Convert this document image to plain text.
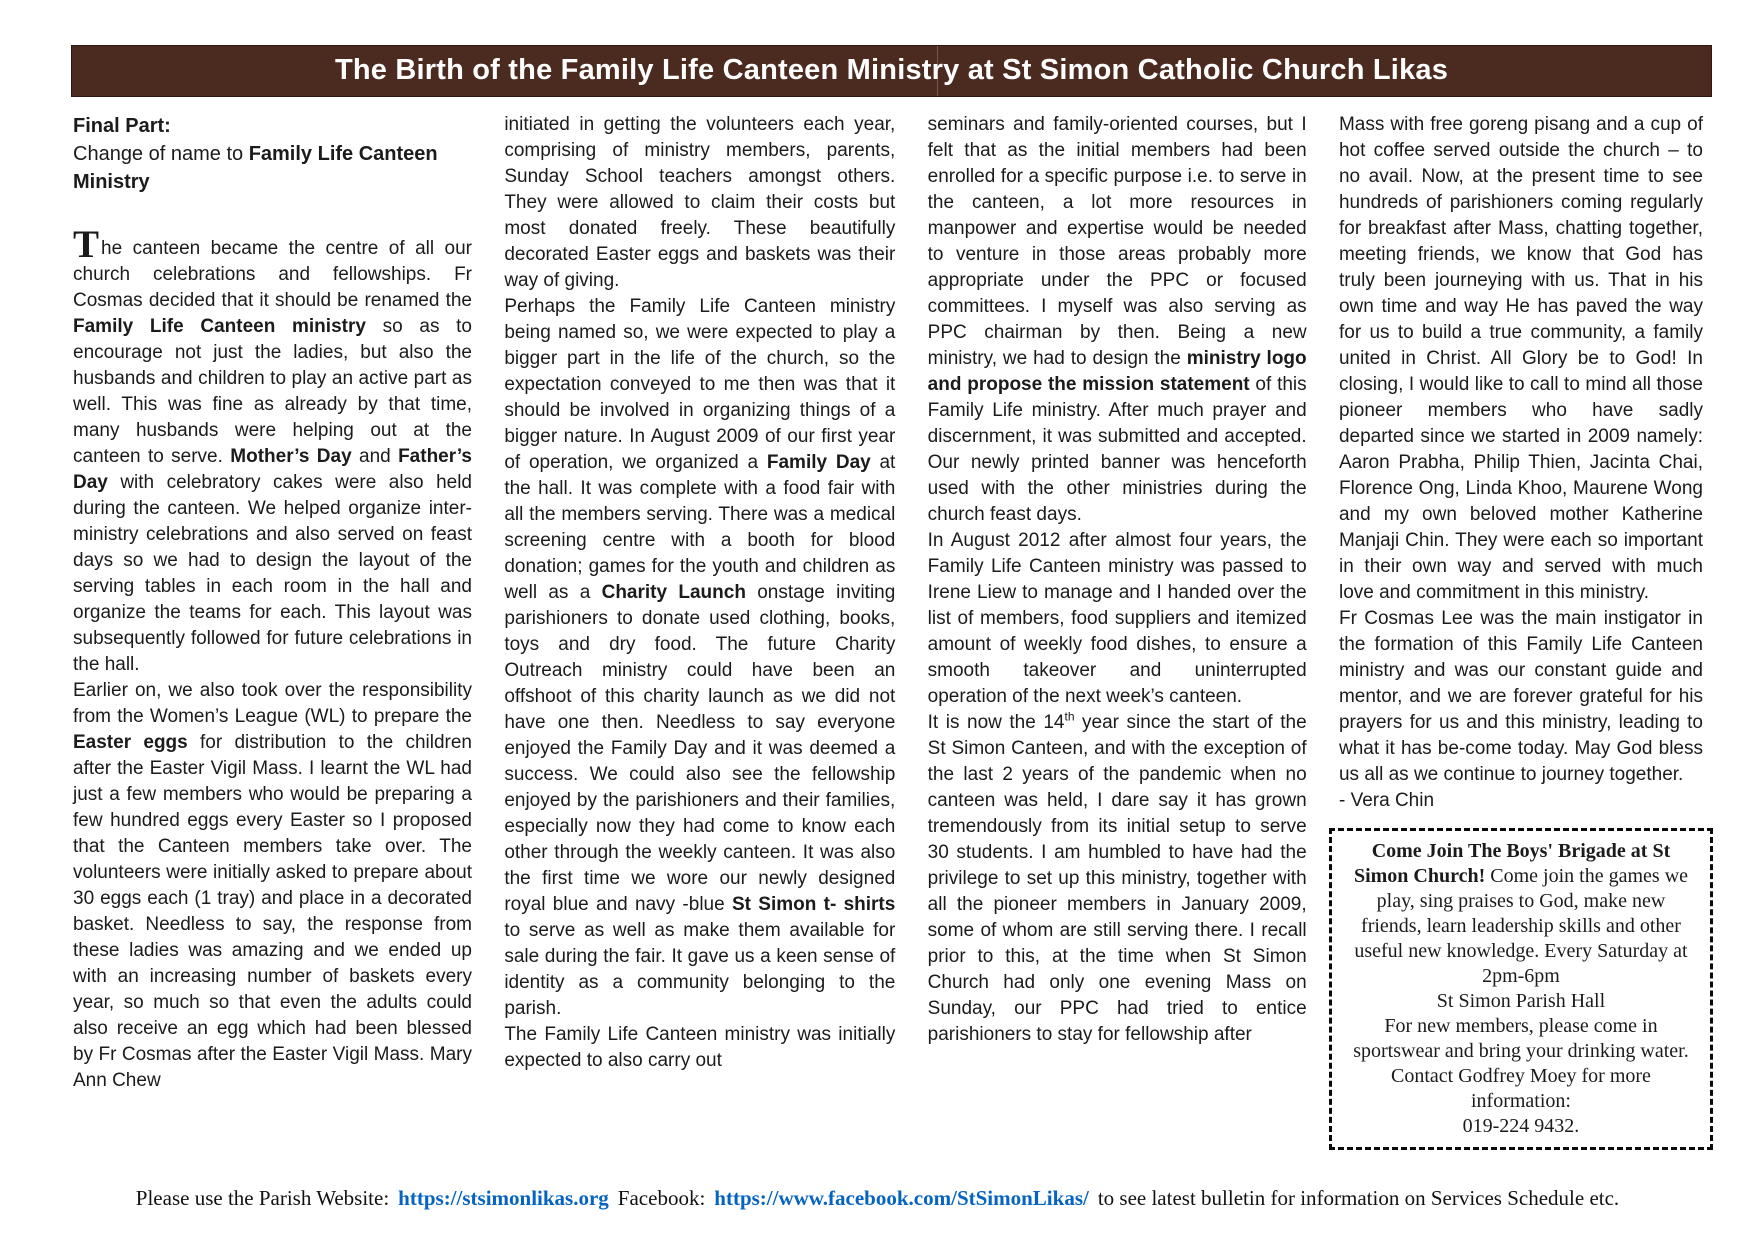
The Birth of the Family Life Canteen Ministry at St Simon Catholic Church Likas

Final Part:

Change of name to Family Life Canteen Ministry

The canteen became the centre of all our church celebrations and fellowships. Fr Cosmas decided that it should be renamed the Family Life Canteen ministry so as to encourage not just the ladies, but also the husbands and children to play an active part as well. This was fine as already by that time, many husbands were helping out at the canteen to serve. Mother’s Day and Father’s Day with celebratory cakes were also held during the canteen. We helped organize inter-ministry celebrations and also served on feast days so we had to design the layout of the serving tables in each room in the hall and organize the teams for each. This layout was subsequently followed for future celebrations in the hall.

Earlier on, we also took over the responsibility from the Women’s League (WL) to prepare the Easter eggs for distribution to the children after the Easter Vigil Mass. I learnt the WL had just a few members who would be preparing a few hundred eggs every Easter so I proposed that the Canteen members take over. The volunteers were initially asked to prepare about 30 eggs each (1 tray) and place in a decorated basket. Needless to say, the response from these ladies was amazing and we ended up with an increasing number of baskets every year, so much so that even the adults could also receive an egg which had been blessed by Fr Cosmas after the Easter Vigil Mass. Mary Ann Chew

initiated in getting the volunteers each year, comprising of ministry members, parents, Sunday School teachers amongst others. They were allowed to claim their costs but most donated freely. These beautifully decorated Easter eggs and baskets was their way of giving.

Perhaps the Family Life Canteen ministry being named so, we were expected to play a bigger part in the life of the church, so the expectation conveyed to me then was that it should be involved in organizing things of a bigger nature. In August 2009 of our first year of operation, we organized a Family Day at the hall. It was complete with a food fair with all the members serving. There was a medical screening centre with a booth for blood donation; games for the youth and children as well as a Charity Launch onstage inviting parishioners to donate used clothing, books, toys and dry food. The future Charity Outreach ministry could have been an offshoot of this charity launch as we did not have one then. Needless to say everyone enjoyed the Family Day and it was deemed a success. We could also see the fellowship enjoyed by the parishioners and their families, especially now they had come to know each other through the weekly canteen. It was also the first time we wore our newly designed royal blue and navy -blue St Simon t- shirts to serve as well as make them available for sale during the fair. It gave us a keen sense of identity as a community belonging to the parish.

The Family Life Canteen ministry was initially expected to also carry out

seminars and family-oriented courses, but I felt that as the initial members had been enrolled for a specific purpose i.e. to serve in the canteen, a lot more resources in manpower and expertise would be needed to venture in those areas probably more appropriate under the PPC or focused committees. I myself was also serving as PPC chairman by then. Being a new ministry, we had to design the ministry logo and propose the mission statement of this Family Life ministry. After much prayer and discernment, it was submitted and accepted. Our newly printed banner was henceforth used with the other ministries during the church feast days.

In August 2012 after almost four years, the Family Life Canteen ministry was passed to Irene Liew to manage and I handed over the list of members, food suppliers and itemized amount of weekly food dishes, to ensure a smooth takeover and uninterrupted operation of the next week’s canteen.

It is now the 14th year since the start of the St Simon Canteen, and with the exception of the last 2 years of the pandemic when no canteen was held, I dare say it has grown tremendously from its initial setup to serve 30 students. I am humbled to have had the privilege to set up this ministry, together with all the pioneer members in January 2009, some of whom are still serving there. I recall prior to this, at the time when St Simon Church had only one evening Mass on Sunday, our PPC had tried to entice parishioners to stay for fellowship after

Mass with free goreng pisang and a cup of hot coffee served outside the church – to no avail. Now, at the present time to see hundreds of parishioners coming regularly for breakfast after Mass, chatting together, meeting friends, we know that God has truly been journeying with us. That in his own time and way He has paved the way for us to build a true community, a family united in Christ. All Glory be to God! In closing, I would like to call to mind all those pioneer members who have sadly departed since we started in 2009 namely: Aaron Prabha, Philip Thien, Jacinta Chai, Florence Ong, Linda Khoo, Maurene Wong and my own beloved mother Katherine Manjaji Chin. They were each so important in their own way and served with much love and commitment in this ministry.

Fr Cosmas Lee was the main instigator in the formation of this Family Life Canteen ministry and was our constant guide and mentor, and we are forever grateful for his prayers for us and this ministry, leading to what it has be-come today. May God bless us all as we continue to journey together.

- Vera Chin

Come Join The Boys' Brigade at St Simon Church! Come join the games we play, sing praises to God, make new friends, learn leadership skills and other useful new knowledge. Every Saturday at 2pm-6pm

St Simon Parish Hall

For new members, please come in sportswear and bring your drinking water.

Contact Godfrey Moey for more information:

019-224 9432.

Please use the Parish Website: https://stsimonlikas.org Facebook: https://www.facebook.com/StSimonLikas/ to see latest bulletin for information on Services Schedule etc.
